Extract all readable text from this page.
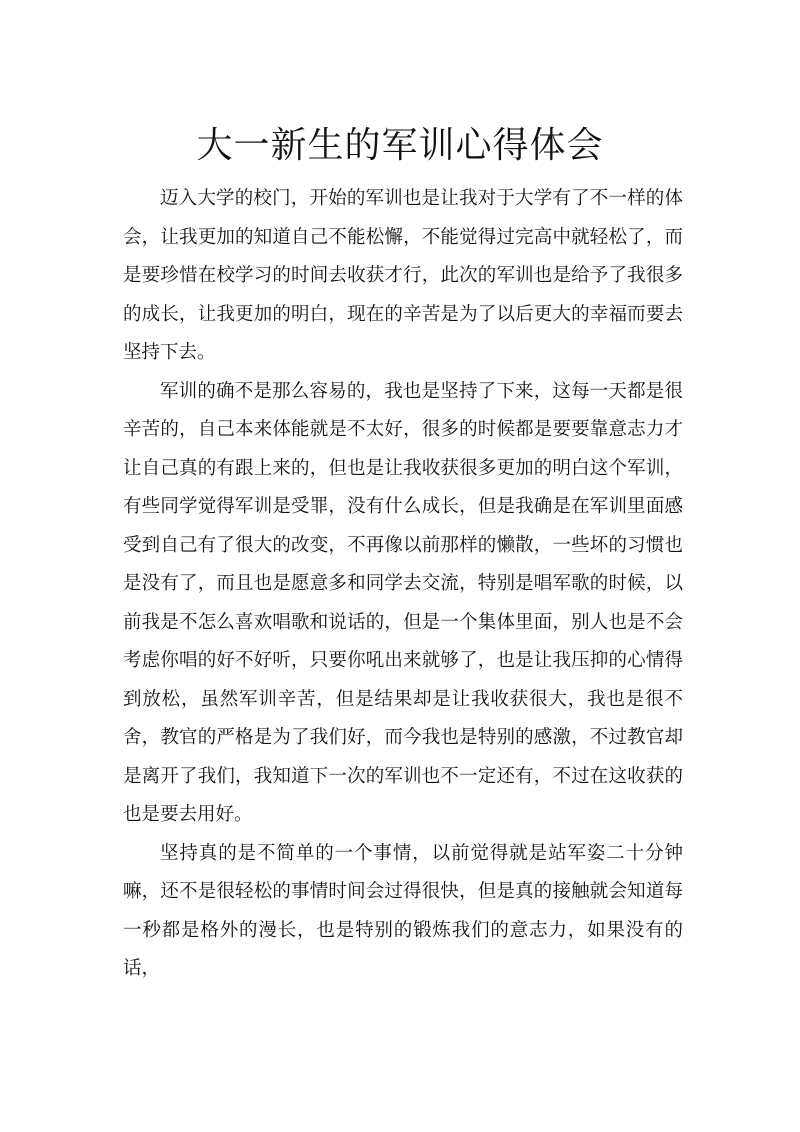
大一新生的军训心得体会

迈入大学的校门，开始的军训也是让我对于大学有了不一样的体会，让我更加的知道自己不能松懈，不能觉得过完高中就轻松了，而是要珍惜在校学习的时间去收获才行，此次的军训也是给予了我很多的成长，让我更加的明白，现在的辛苦是为了以后更大的幸福而要去坚持下去。

军训的确不是那么容易的，我也是坚持了下来，这每一天都是很辛苦的，自己本来体能就是不太好，很多的时候都是要要靠意志力才让自己真的有跟上来的，但也是让我收获很多更加的明白这个军训，有些同学觉得军训是受罪，没有什么成长，但是我确是在军训里面感受到自己有了很大的改变，不再像以前那样的懒散，一些坏的习惯也是没有了，而且也是愿意多和同学去交流，特别是唱军歌的时候，以前我是不怎么喜欢唱歌和说话的，但是一个集体里面，别人也是不会考虑你唱的好不好听，只要你吼出来就够了，也是让我压抑的心情得到放松，虽然军训辛苦，但是结果却是让我收获很大，我也是很不舍，教官的严格是为了我们好，而今我也是特别的感激，不过教官却是离开了我们，我知道下一次的军训也不一定还有，不过在这收获的也是要去用好。

坚持真的是不简单的一个事情，以前觉得就是站军姿二十分钟嘛，还不是很轻松的事情时间会过得很快，但是真的接触就会知道每一秒都是格外的漫长，也是特别的锻炼我们的意志力，如果没有的话，
